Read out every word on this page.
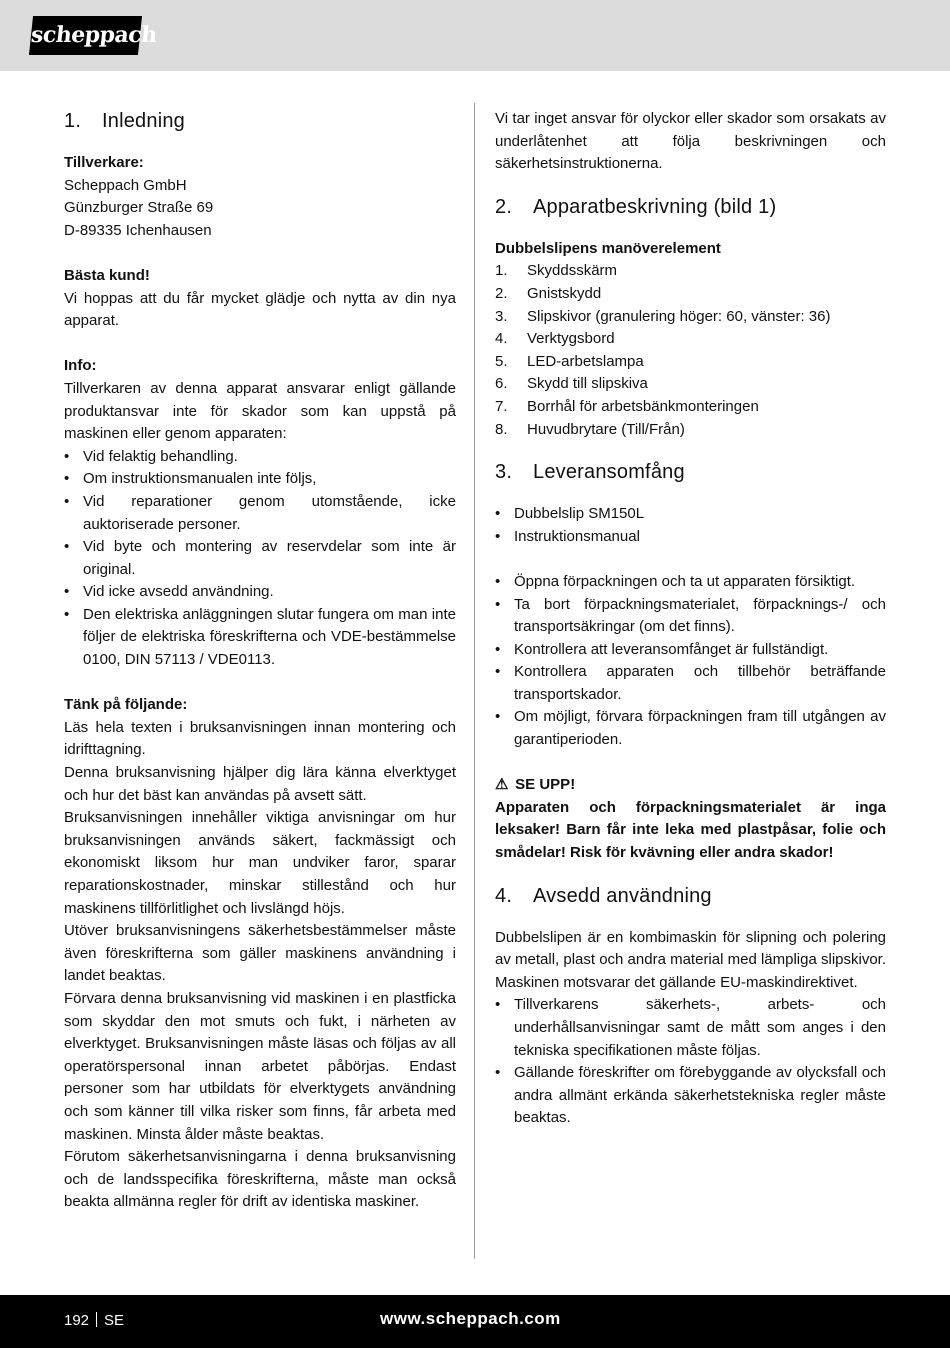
scheppach
1. Inledning

Tillverkare:

Scheppach GmbH

Günzburger Straße 69

D-89335 Ichenhausen

Bästa kund!

Vi hoppas att du får mycket glädje och nytta av din nya apparat.

Info:

Tillverkaren av denna apparat ansvarar enligt gällande produktansvar inte för skador som kan uppstå på maskinen eller genom apparaten:

• Vid felaktig behandling.
• Om instruktionsmanualen inte följs,
• Vid reparationer genom utomstående, icke auktoriserade personer.
• Vid byte och montering av reservdelar som inte är original.
• Vid icke avsedd användning.
• Den elektriska anläggningen slutar fungera om man inte följer de elektriska föreskrifterna och VDE-bestämmelse 0100, DIN 57113 / VDE0113.

Tänk på följande:

Läs hela texten i bruksanvisningen innan montering och idrifttagning.

Denna bruksanvisning hjälper dig lära känna elverktyget och hur det bäst kan användas på avsett sätt.

Bruksanvisningen innehåller viktiga anvisningar om hur bruksanvisningen används säkert, fackmässigt och ekonomiskt liksom hur man undviker faror, sparar reparationskostnader, minskar stillestånd och hur maskinens tillförlitlighet och livslängd höjs.

Utöver bruksanvisningens säkerhetsbestämmelser måste även föreskrifterna som gäller maskinens användning i landet beaktas.

Förvara denna bruksanvisning vid maskinen i en plastficka som skyddar den mot smuts och fukt, i närheten av elverktyget. Bruksanvisningen måste läsas och följas av all operatörspersonal innan arbetet påbörjas. Endast personer som har utbildats för elverktygets användning och som känner till vilka risker som finns, får arbeta med maskinen. Minsta ålder måste beaktas.

Förutom säkerhetsanvisningarna i denna bruksanvisning och de landsspecifika föreskrifterna, måste man också beakta allmänna regler för drift av identiska maskiner.

Vi tar inget ansvar för olyckor eller skador som orsakats av underlåtenhet att följa beskrivningen och säkerhetsinstruktionerna.

2. Apparatbeskrivning (bild 1)

Dubbelslipens manöverelement

1. Skyddsskärm
2. Gnistskydd
3. Slipskivor (granulering höger: 60, vänster: 36)
4. Verktygsbord
5. LED-arbetslampa
6. Skydd till slipskiva
7. Borrhål för arbetsbänkmonteringen
8. Huvudbrytare (Till/Från)
3. Leveransomfång
• Dubbelslip SM150L
• Instruktionsmanual
• Öppna förpackningen och ta ut apparaten försiktigt.
• Ta bort förpackningsmaterialet, förpacknings-/ och transportsäkringar (om det finns).
• Kontrollera att leveransomfånget är fullständigt.
• Kontrollera apparaten och tillbehör beträffande transportskador.
• Om möjligt, förvara förpackningen fram till utgången av garantiperioden.

⚠ SE UPP!

Apparaten och förpackningsmaterialet är inga leksaker! Barn får inte leka med plastpåsar, folie och smådelar! Risk för kvävning eller andra skador!

4. Avsedd användning

Dubbelslipen är en kombimaskin för slipning och polering av metall, plast och andra material med lämpliga slipskivor.

Maskinen motsvarar det gällande EU-maskindirektivet.

• Tillverkarens säkerhets-, arbets- och underhållsanvisningar samt de mått som anges i den tekniska specifikationen måste följas.
• Gällande föreskrifter om förebyggande av olycksfall och andra allmänt erkända säkerhetstekniska regler måste beaktas.
192 SE	www.scheppach.com
